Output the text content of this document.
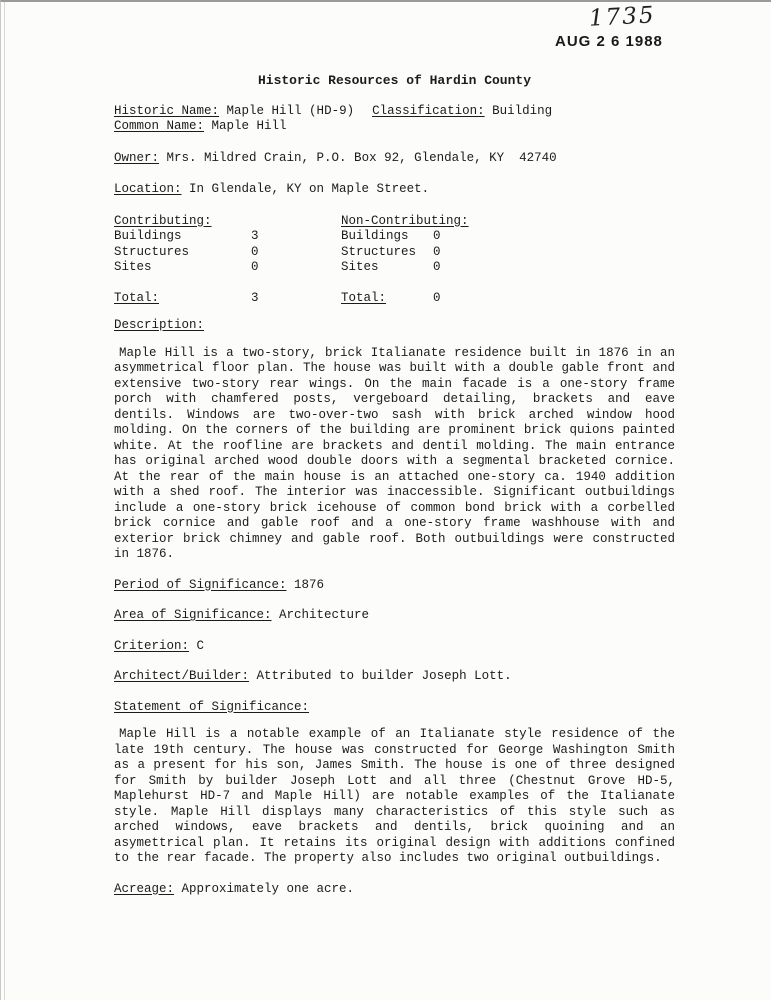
1735
AUG 2 6 1988
Historic Resources of Hardin County
Historic Name: Maple Hill (HD-9) Classification: Building
Common Name: Maple Hill
Owner: Mrs. Mildred Crain, P.O. Box 92, Glendale, KY  42740
Location: In Glendale, KY on Maple Street.
Contributing:	Non-Contributing:
Buildings	3	Buildings	0
Structures	0	Structures	0
Sites	0	Sites	0
Total:	3	Total:	0
Description:
Maple Hill is a two-story, brick Italianate residence built in 1876 in an asymmetrical floor plan. The house was built with a double gable front and extensive two-story rear wings. On the main facade is a one-story frame porch with chamfered posts, vergeboard detailing, brackets and eave dentils. Windows are two-over-two sash with brick arched window hood molding. On the corners of the building are prominent brick quions painted white. At the roofline are brackets and dentil molding. The main entrance has original arched wood double doors with a segmental bracketed cornice. At the rear of the main house is an attached one-story ca. 1940 addition with a shed roof. The interior was inaccessible. Significant outbuildings include a one-story brick icehouse of common bond brick with a corbelled brick cornice and gable roof and a one-story frame washhouse with and exterior brick chimney and gable roof. Both outbuildings were constructed in 1876.
Period of Significance: 1876
Area of Significance: Architecture
Criterion: C
Architect/Builder: Attributed to builder Joseph Lott.
Statement of Significance:
Maple Hill is a notable example of an Italianate style residence of the late 19th century. The house was constructed for George Washington Smith as a present for his son, James Smith. The house is one of three designed for Smith by builder Joseph Lott and all three (Chestnut Grove HD-5, Maplehurst HD-7 and Maple Hill) are notable examples of the Italianate style. Maple Hill displays many characteristics of this style such as arched windows, eave brackets and dentils, brick quoining and an asymettrical plan. It retains its original design with additions confined to the rear facade. The property also includes two original outbuildings.
Acreage: Approximately one acre.
